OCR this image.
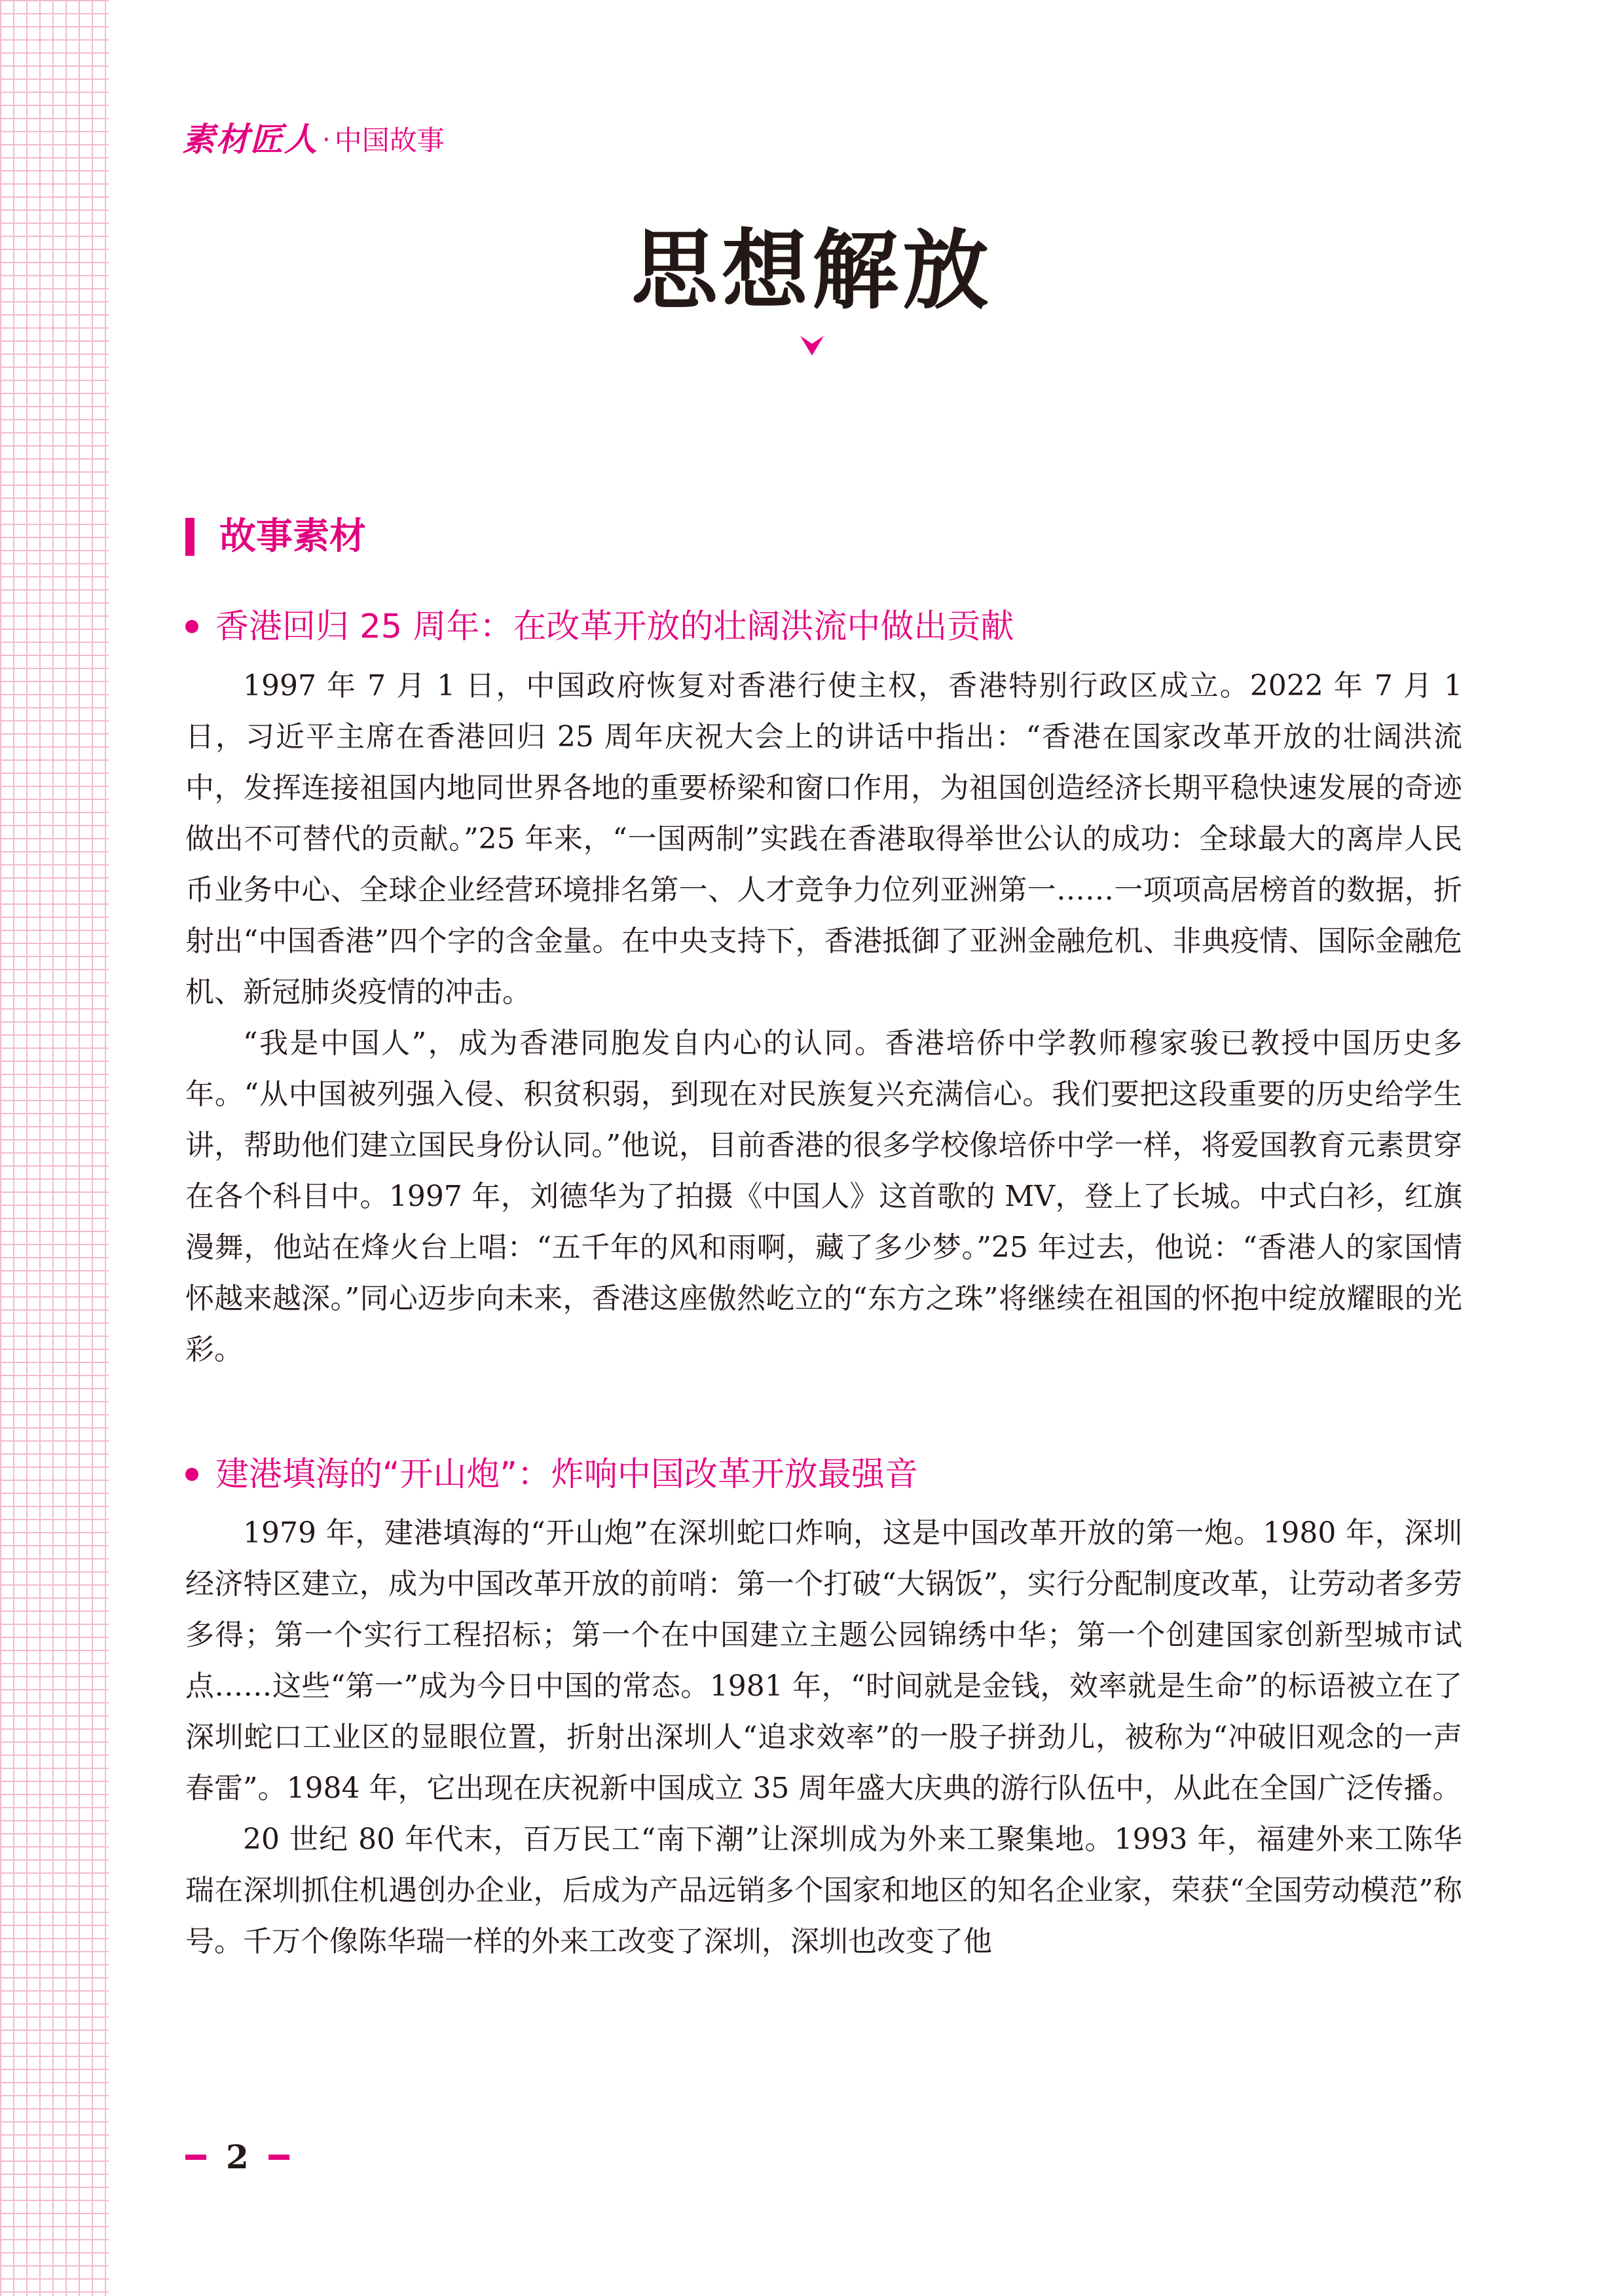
素材匠人 · 中国故事
思想解放
故事素材
香港回归 25 周年：在改革开放的壮阔洪流中做出贡献

1997 年 7 月 1 日，中国政府恢复对香港行使主权，香港特别行政区成立。2022 年 7 月 1 日，习近平主席在香港回归 25 周年庆祝大会上的讲话中指出：“香港在国家改革开放的壮阔洪流中，发挥连接祖国内地同世界各地的重要桥梁和窗口作用，为祖国创造经济长期平稳快速发展的奇迹做出不可替代的贡献。”25 年来，“一国两制”实践在香港取得举世公认的成功：全球最大的离岸人民币业务中心、全球企业经营环境排名第一、人才竞争力位列亚洲第一……一项项高居榜首的数据，折射出“中国香港”四个字的含金量。在中央支持下，香港抵御了亚洲金融危机、非典疫情、国际金融危机、新冠肺炎疫情的冲击。

“我是中国人”，成为香港同胞发自内心的认同。香港培侨中学教师穆家骏已教授中国历史多年。“从中国被列强入侵、积贫积弱，到现在对民族复兴充满信心。我们要把这段重要的历史给学生讲，帮助他们建立国民身份认同。”他说，目前香港的很多学校像培侨中学一样，将爱国教育元素贯穿在各个科目中。1997 年，刘德华为了拍摄《中国人》这首歌的 MV，登上了长城。中式白衫，红旗漫舞，他站在烽火台上唱：“五千年的风和雨啊，藏了多少梦。”25 年过去，他说：“香港人的家国情怀越来越深。”同心迈步向未来，香港这座傲然屹立的“东方之珠”将继续在祖国的怀抱中绽放耀眼的光彩。

建港填海的“开山炮”：炸响中国改革开放最强音

1979 年，建港填海的“开山炮”在深圳蛇口炸响，这是中国改革开放的第一炮。1980 年，深圳经济特区建立，成为中国改革开放的前哨：第一个打破“大锅饭”，实行分配制度改革，让劳动者多劳多得；第一个实行工程招标；第一个在中国建立主题公园锦绣中华；第一个创建国家创新型城市试点……这些“第一”成为今日中国的常态。1981 年，“时间就是金钱，效率就是生命”的标语被立在了深圳蛇口工业区的显眼位置，折射出深圳人“追求效率”的一股子拼劲儿，被称为“冲破旧观念的一声春雷”。1984 年，它出现在庆祝新中国成立 35 周年盛大庆典的游行队伍中，从此在全国广泛传播。

20 世纪 80 年代末，百万民工“南下潮”让深圳成为外来工聚集地。1993 年，福建外来工陈华瑞在深圳抓住机遇创办企业，后成为产品远销多个国家和地区的知名企业家，荣获“全国劳动模范”称号。千万个像陈华瑞一样的外来工改变了深圳，深圳也改变了他

2
